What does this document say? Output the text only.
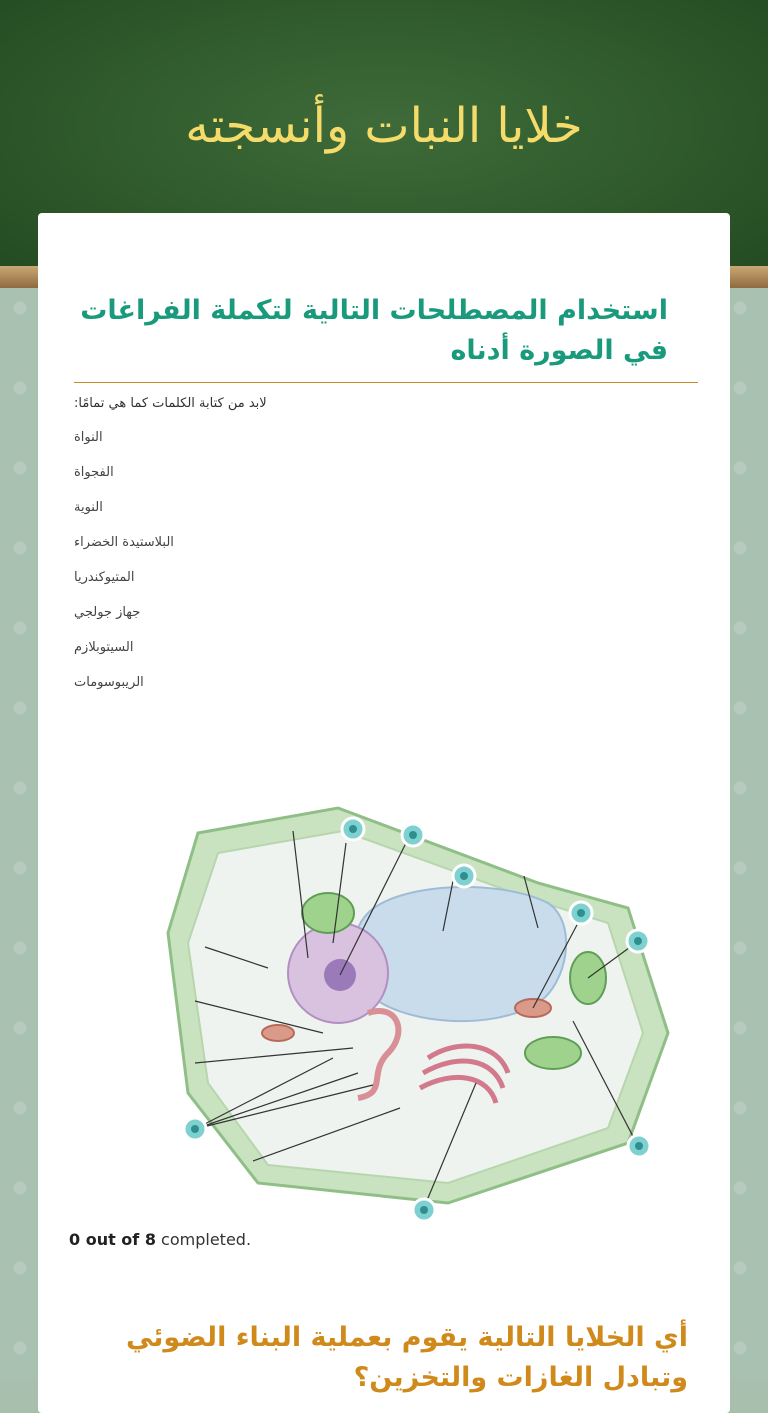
خلايا النبات وأنسجته
استخدام المصطلحات التالية لتكملة الفراغات في الصورة أدناه
لابد من كتابة الكلمات كما هي تمامًا:
النواة
الفجواة
النوية
البلاستيدة الخضراء
المتيوكندريا
جهاز جولجي
السيتوبلازم
الريبوسومات
0 out of 8 completed.
أي الخلايا التالية يقوم بعملية البناء الضوئي وتبادل الغازات والتخزين؟
